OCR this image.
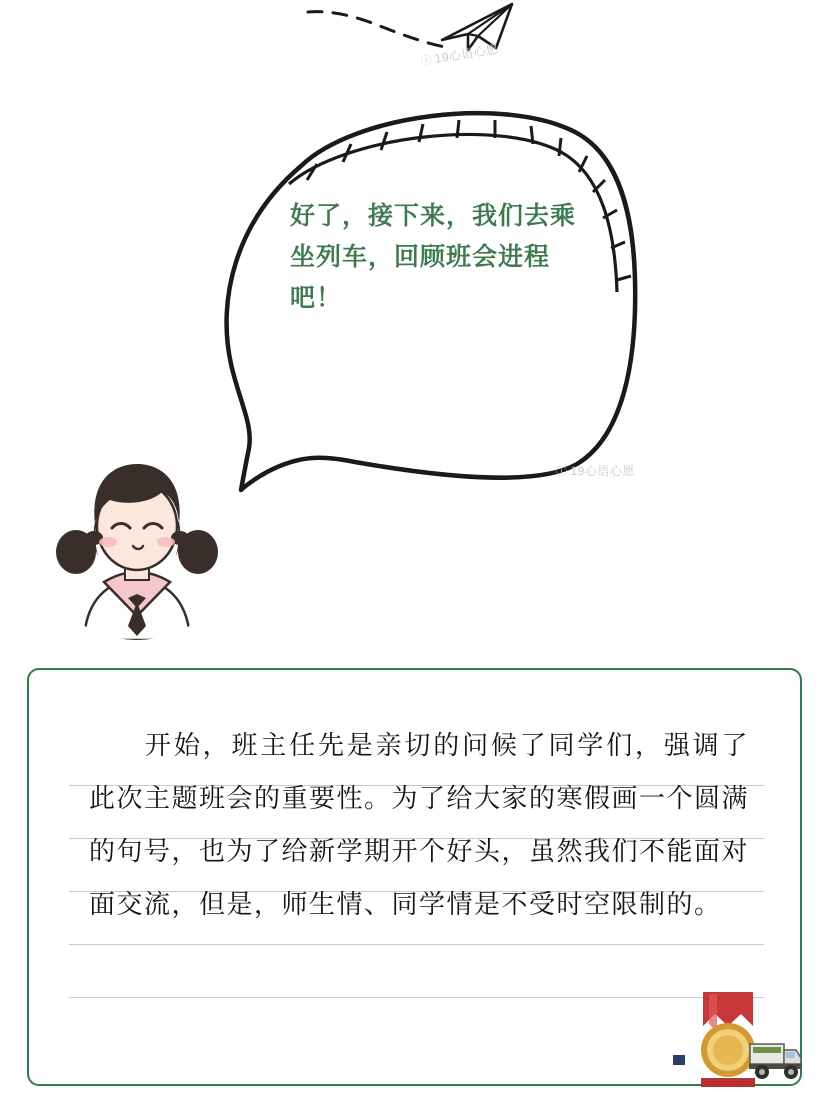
ⓘ19心语心愿
好了，接下来，我们去乘坐列车，回顾班会进程吧！
ⓘ 19心语心愿
开始，班主任先是亲切的问候了同学们，强调了此次主题班会的重要性。为了给大家的寒假画一个圆满的句号，也为了给新学期开个好头，虽然我们不能面对面交流，但是，师生情、同学情是不受时空限制的。
